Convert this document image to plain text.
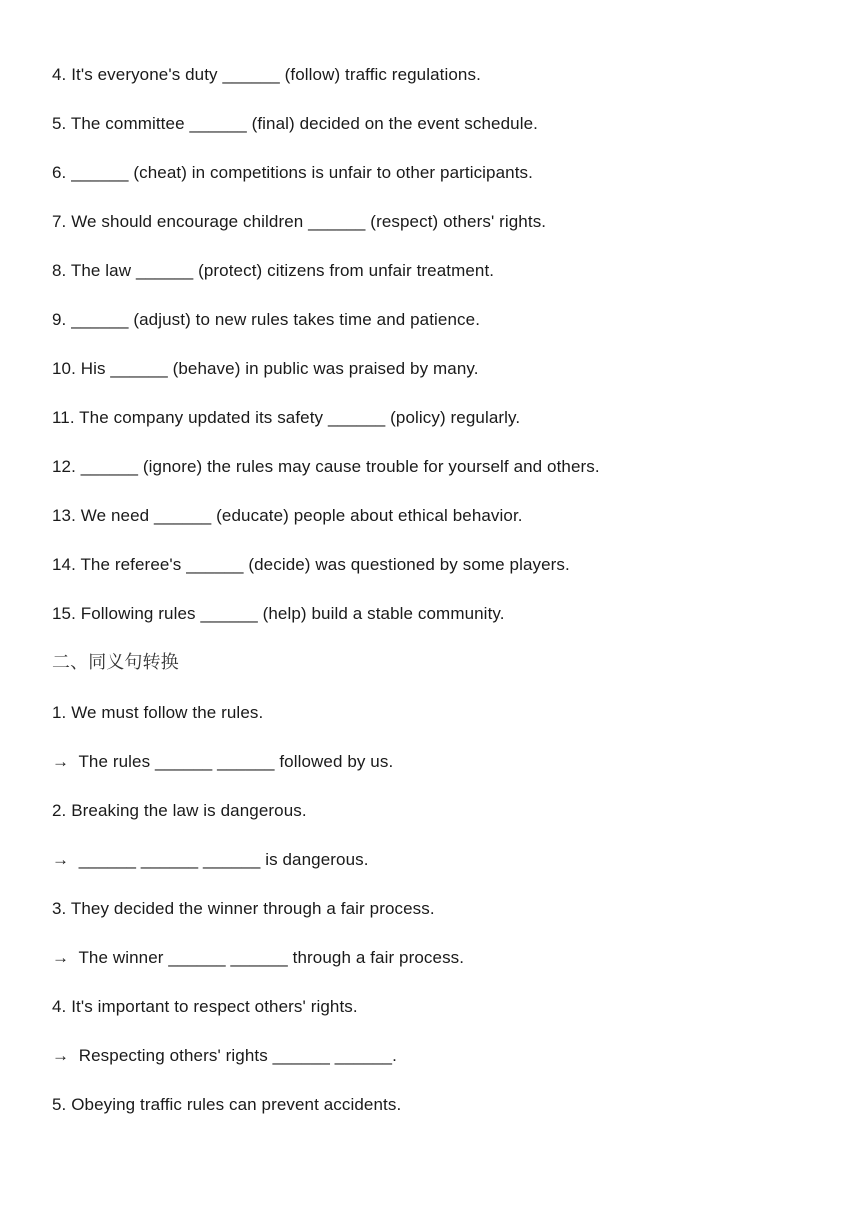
4. It's everyone's duty ______ (follow) traffic regulations.
5. The committee ______ (final) decided on the event schedule.
6. ______ (cheat) in competitions is unfair to other participants.
7. We should encourage children ______ (respect) others' rights.
8. The law ______ (protect) citizens from unfair treatment.
9. ______ (adjust) to new rules takes time and patience.
10. His ______ (behave) in public was praised by many.
11. The company updated its safety ______ (policy) regularly.
12. ______ (ignore) the rules may cause trouble for yourself and others.
13. We need ______ (educate) people about ethical behavior.
14. The referee's ______ (decide) was questioned by some players.
15. Following rules ______ (help) build a stable community.
二、同义句转换
1. We must follow the rules.
→  The rules ______ ______ followed by us.
2. Breaking the law is dangerous.
→  ______ ______ ______ is dangerous.
3. They decided the winner through a fair process.
→  The winner ______ ______ through a fair process.
4. It's important to respect others' rights.
→  Respecting others' rights ______ ______.
5. Obeying traffic rules can prevent accidents.
